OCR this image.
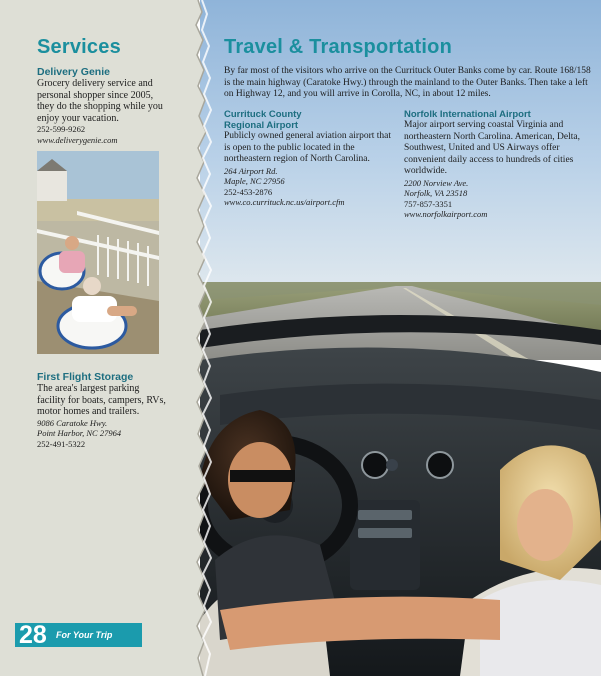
Services
Delivery Genie
Grocery delivery service and personal shopper since 2005, they do the shopping while you enjoy your vacation.
252-599-9262
www.deliverygenie.com
First Flight Storage
The area's largest parking facility for boats, campers, RVs, motor homes and trailers.
9086 Caratoke Hwy.
Point Harbor, NC 27964
252-491-5322
28 For Your Trip
Travel & Transportation
By far most of the visitors who arrive on the Currituck Outer Banks come by car. Route 168/158 is the main highway (Caratoke Hwy.) through the mainland to the Outer Banks. Then take a left on Highway 12, and you will arrive in Corolla, NC, in about 12 miles.
Currituck County
Regional Airport
Publicly owned general aviation airport that is open to the public located in the northeastern region of North Carolina.
264 Airport Rd.
Maple, NC 27956
252-453-2876
www.co.currituck.nc.us/airport.cfm
Norfolk International Airport
Major airport serving coastal Virginia and northeastern North Carolina. American, Delta, Southwest, United and US Airways offer convenient daily access to hundreds of cities worldwide.
2200 Norview Ave.
Norfolk, VA 23518
757-857-3351
www.norfolkairport.com
